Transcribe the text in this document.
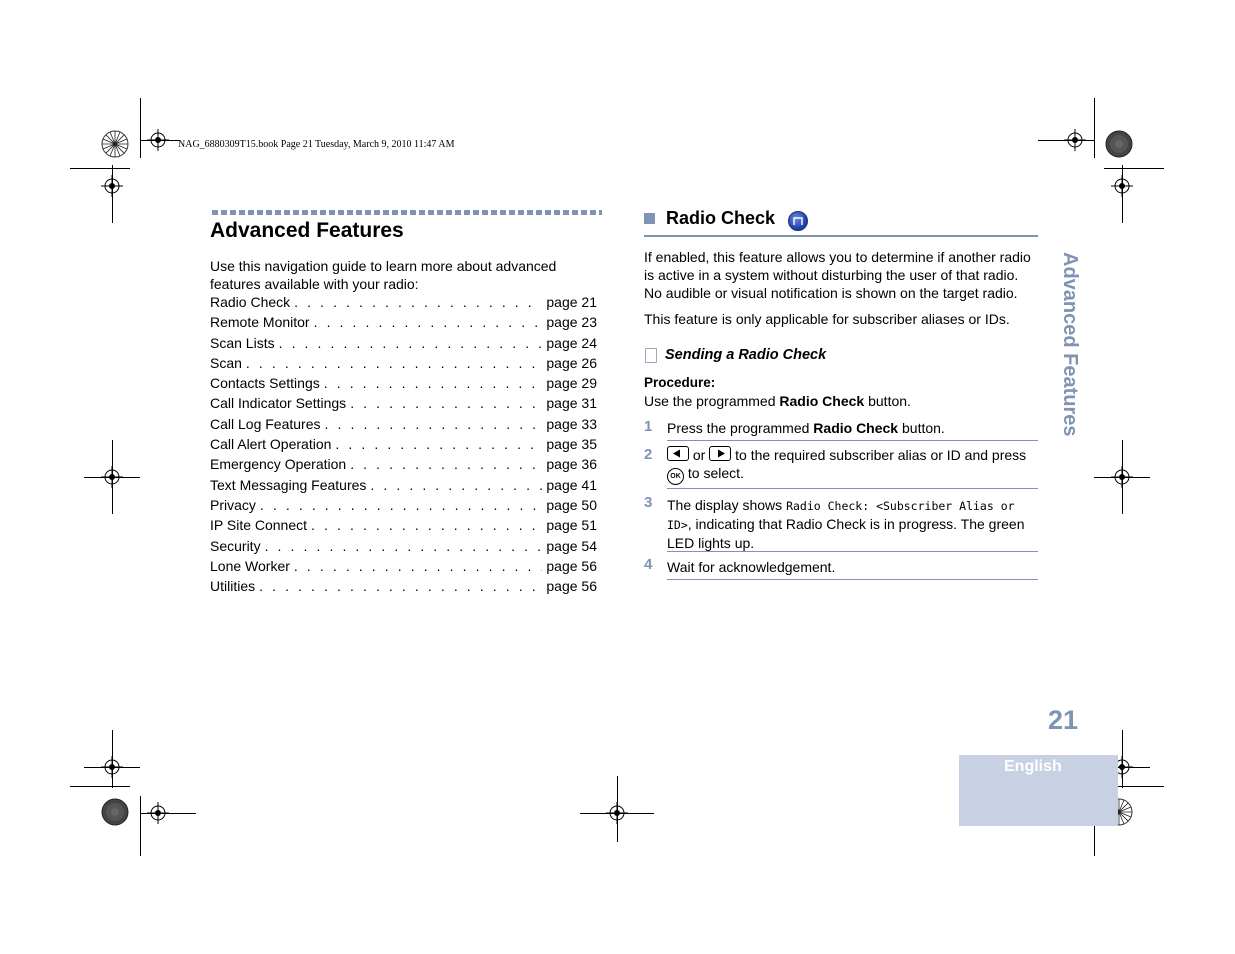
NAG_6880309T15.book Page 21 Tuesday, March 9, 2010 11:47 AM
Advanced Features
Use this navigation guide to learn more about advanced features available with your radio:
Radio Check . . .	page 21
Remote Monitor . . .	page 23
Scan Lists . . .	page 24
Scan . . .	page 26
Contacts Settings . . .	page 29
Call Indicator Settings . . .	page 31
Call Log Features . . .	page 33
Call Alert Operation . . .	page 35
Emergency Operation . . .	page 36
Text Messaging Features . . .	page 41
Privacy . . .	page 50
IP Site Connect . . .	page 51
Security . . .	page 54
Lone Worker . . .	page 56
Utilities . . .	page 56
Radio Check
If enabled, this feature allows you to determine if another radio is active in a system without disturbing the user of that radio. No audible or visual notification is shown on the target radio.
This feature is only applicable for subscriber aliases or IDs.
Sending a Radio Check
Procedure:
Use the programmed Radio Check button.
1 Press the programmed Radio Check button.
2	or
to the required subscriber alias or ID and press
OK to select.
3 The display shows Radio Check: <Subscriber Alias or ID>, indicating that Radio Check is in progress. The green LED lights up.
4 Wait for acknowledgement.
Advanced Features
21
English
